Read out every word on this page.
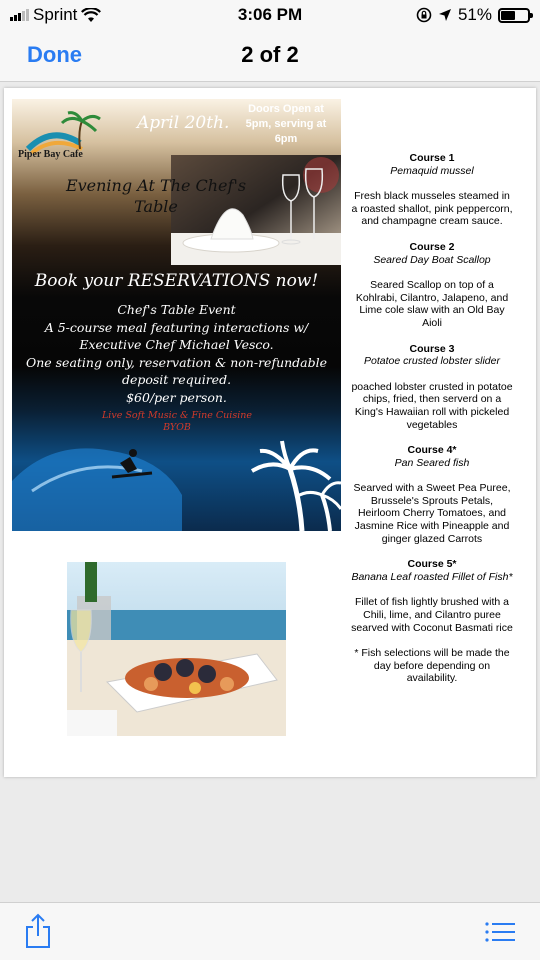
Sprint	3:06 PM	51%
Done	2 of 2
Piper Bay Cafe
April 20th.
Doors Open at 5pm, serving at 6pm
Evening At The Chef's Table
Book your RESERVATIONS now!
Chef's Table Event
A 5-course meal featuring interactions w/
Executive Chef Michael Vesco.
One seating only, reservation & non-refundable
deposit required.
$60/per person.
Live Soft Music & Fine Cuisine
BYOB
Course 1
Pemaquid mussel
Fresh black musseles steamed in a roasted shallot, pink peppercorn, and champagne cream sauce.
Course 2
Seared Day Boat Scallop
Seared Scallop on top of a Kohlrabi, Cilantro, Jalapeno, and Lime cole slaw with an Old Bay Aioli
Course 3
Potatoe crusted lobster slider
poached lobster crusted in potatoe chips, fried, then serverd on a King's Hawaiian roll with pickeled vegetables
Course 4*
Pan Seared fish
Searved with a Sweet Pea Puree, Brussele's Sprouts Petals, Heirloom Cherry Tomatoes, and Jasmine Rice with Pineapple and ginger glazed Carrots
Course 5*
Banana Leaf roasted Fillet of Fish*
Fillet of fish lightly brushed with a Chili, lime, and Cilantro puree searved with Coconut Basmati rice
* Fish selections will be made the day before depending on availability.
